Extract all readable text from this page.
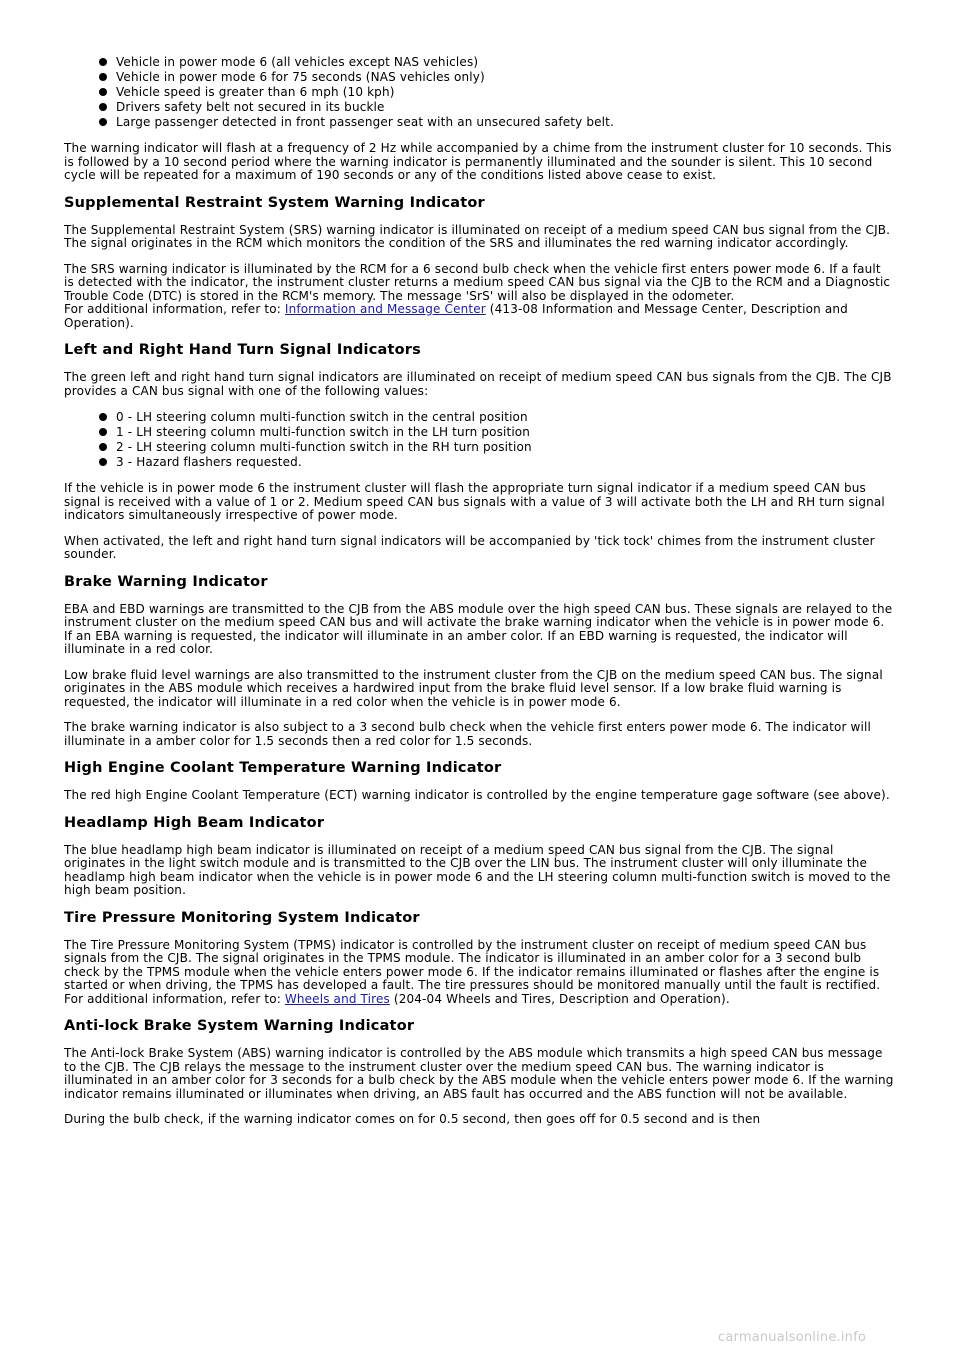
Vehicle in power mode 6 (all vehicles except NAS vehicles)
Vehicle in power mode 6 for 75 seconds (NAS vehicles only)
Vehicle speed is greater than 6 mph (10 kph)
Drivers safety belt not secured in its buckle
Large passenger detected in front passenger seat with an unsecured safety belt.

The warning indicator will flash at a frequency of 2 Hz while accompanied by a chime from the instrument cluster for 10 seconds. This is followed by a 10 second period where the warning indicator is permanently illuminated and the sounder is silent. This 10 second cycle will be repeated for a maximum of 190 seconds or any of the conditions listed above cease to exist.

Supplemental Restraint System Warning Indicator

The Supplemental Restraint System (SRS) warning indicator is illuminated on receipt of a medium speed CAN bus signal from the CJB. The signal originates in the RCM which monitors the condition of the SRS and illuminates the red warning indicator accordingly.

The SRS warning indicator is illuminated by the RCM for a 6 second bulb check when the vehicle first enters power mode 6. If a fault is detected with the indicator, the instrument cluster returns a medium speed CAN bus signal via the CJB to the RCM and a Diagnostic Trouble Code (DTC) is stored in the RCM's memory. The message 'SrS' will also be displayed in the odometer.
For additional information, refer to: Information and Message Center (413-08 Information and Message Center, Description and Operation).

Left and Right Hand Turn Signal Indicators

The green left and right hand turn signal indicators are illuminated on receipt of medium speed CAN bus signals from the CJB. The CJB provides a CAN bus signal with one of the following values:

0 - LH steering column multi-function switch in the central position
1 - LH steering column multi-function switch in the LH turn position
2 - LH steering column multi-function switch in the RH turn position
3 - Hazard flashers requested.

If the vehicle is in power mode 6 the instrument cluster will flash the appropriate turn signal indicator if a medium speed CAN bus signal is received with a value of 1 or 2. Medium speed CAN bus signals with a value of 3 will activate both the LH and RH turn signal indicators simultaneously irrespective of power mode.

When activated, the left and right hand turn signal indicators will be accompanied by 'tick tock' chimes from the instrument cluster sounder.

Brake Warning Indicator

EBA and EBD warnings are transmitted to the CJB from the ABS module over the high speed CAN bus. These signals are relayed to the instrument cluster on the medium speed CAN bus and will activate the brake warning indicator when the vehicle is in power mode 6. If an EBA warning is requested, the indicator will illuminate in an amber color. If an EBD warning is requested, the indicator will illuminate in a red color.

Low brake fluid level warnings are also transmitted to the instrument cluster from the CJB on the medium speed CAN bus. The signal originates in the ABS module which receives a hardwired input from the brake fluid level sensor. If a low brake fluid warning is requested, the indicator will illuminate in a red color when the vehicle is in power mode 6.

The brake warning indicator is also subject to a 3 second bulb check when the vehicle first enters power mode 6. The indicator will illuminate in a amber color for 1.5 seconds then a red color for 1.5 seconds.

High Engine Coolant Temperature Warning Indicator

The red high Engine Coolant Temperature (ECT) warning indicator is controlled by the engine temperature gage software (see above).

Headlamp High Beam Indicator

The blue headlamp high beam indicator is illuminated on receipt of a medium speed CAN bus signal from the CJB. The signal originates in the light switch module and is transmitted to the CJB over the LIN bus. The instrument cluster will only illuminate the headlamp high beam indicator when the vehicle is in power mode 6 and the LH steering column multi-function switch is moved to the high beam position.

Tire Pressure Monitoring System Indicator

The Tire Pressure Monitoring System (TPMS) indicator is controlled by the instrument cluster on receipt of medium speed CAN bus signals from the CJB. The signal originates in the TPMS module. The indicator is illuminated in an amber color for a 3 second bulb check by the TPMS module when the vehicle enters power mode 6. If the indicator remains illuminated or flashes after the engine is started or when driving, the TPMS has developed a fault. The tire pressures should be monitored manually until the fault is rectified.
For additional information, refer to: Wheels and Tires (204-04 Wheels and Tires, Description and Operation).

Anti-lock Brake System Warning Indicator

The Anti-lock Brake System (ABS) warning indicator is controlled by the ABS module which transmits a high speed CAN bus message to the CJB. The CJB relays the message to the instrument cluster over the medium speed CAN bus. The warning indicator is illuminated in an amber color for 3 seconds for a bulb check by the ABS module when the vehicle enters power mode 6. If the warning indicator remains illuminated or illuminates when driving, an ABS fault has occurred and the ABS function will not be available.

During the bulb check, if the warning indicator comes on for 0.5 second, then goes off for 0.5 second and is then

carmanualsonline.info
